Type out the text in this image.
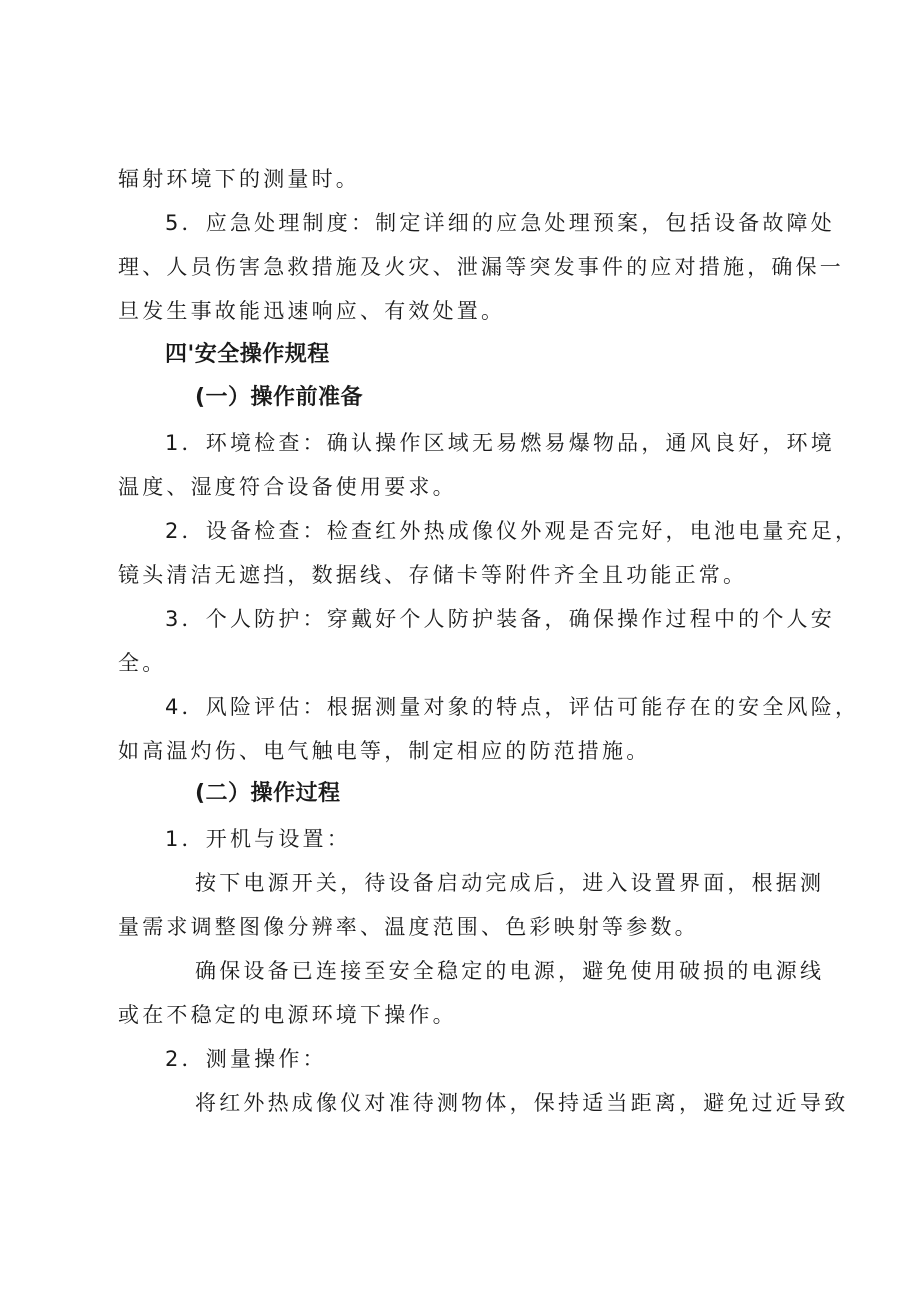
辐射环境下的测量时。
5．应急处理制度：制定详细的应急处理预案，包括设备故障处
理、人员伤害急救措施及火灾、泄漏等突发事件的应对措施，确保一
旦发生事故能迅速响应、有效处置。
四'安全操作规程
(一）操作前准备
1．环境检查：确认操作区域无易燃易爆物品，通风良好，环境
温度、湿度符合设备使用要求。
2．设备检查：检查红外热成像仪外观是否完好，电池电量充足，
镜头清洁无遮挡，数据线、存储卡等附件齐全且功能正常。
3．个人防护：穿戴好个人防护装备，确保操作过程中的个人安
全。
4．风险评估：根据测量对象的特点，评估可能存在的安全风险，
如高温灼伤、电气触电等，制定相应的防范措施。
(二）操作过程
1．开机与设置：
按下电源开关，待设备启动完成后，进入设置界面，根据测
量需求调整图像分辨率、温度范围、色彩映射等参数。
确保设备已连接至安全稳定的电源，避免使用破损的电源线
或在不稳定的电源环境下操作。
2．测量操作：
将红外热成像仪对准待测物体，保持适当距离，避免过近导致
